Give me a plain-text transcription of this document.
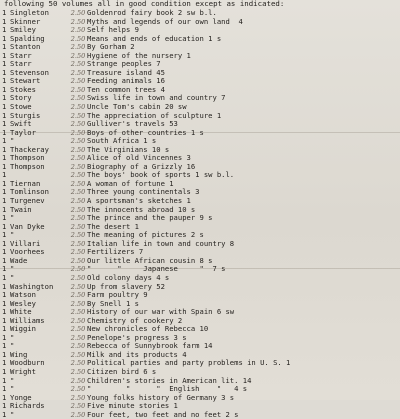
following 50 volumes all in good condition except as indicated:
1 Singleton	2.50 Goldenrod fairy book 2 sw b.l.
1 Skinner	2.50 Myths and legends of our own land  4
1 Smiley	2.50 Self helps 9
1 Spalding	2.50 Means and ends of education 1 s
1 Stanton	2.50 By Gorham 2
1 Starr	2.50 Hygiene of the nursery 1
1 Starr	2.50 Strange peoples 7
1 Stevenson	2.50 Treasure island 45
1 Stewart	2.50 Feeding animals 16
1 Stokes	2.50 Ten common trees 4
1 Story	2.50 Swiss life in town and country 7
1 Stowe	2.50 Uncle Tom's cabin 20 sw
1 Sturgis	2.50 The appreciation of sculpture 1
1 Swift	2.50 Gulliver's travels 53
1 Taylor	2.50 Boys of other countries 1 s
1 "	2.50 South Africa 1 s
1 Thackeray	2.50 The Virginians 10 s
1 Thompson	2.50 Alice of old Vincennes 3
1 Thompson	2.50 Biography of a Grizzly 16
1	2.50 The boys' book of sports 1 sw b.l.
1 Tiernan	2.50 A woman of fortune 1
1 Tomlinson	2.50 Three young continentals 3
1 Turgenev	2.50 A sportsman's sketches 1
1 Twain	2.50 The innocents abroad 10 s
1 "	2.50 The prince and the pauper 9 s
1 Van Dyke	2.50 The desert 1
1 "	2.50 The meaning of pictures 2 s
1 Villari	2.50 Italian life in town and country 8
1 Voorhees	2.50 Fertilizers 7
1 Wade	2.50 Our little African cousin 8 s
1 "	2.50 "      "     Japanese     "  7 s
1 "	2.50 Old colony days 4 s
1 Washington	2.50 Up from slavery 52
1 Watson	2.50 Farm poultry 9
1 Wesley	2.50 By Snell 1 s
1 White	2.50 History of our war with Spain 6 sw
1 Williams	2.50 Chemistry of cookery 2
1 Wiggin	2.50 New chronicles of Rebecca 10
1 "	2.50 Penelope's progress 3 s
1 "	2.50 Rebecca of Sunnybrook farm 14
1 Wing	2.50 Milk and its products 4
1 Woodburn	2.50 Political parties and party problems in U. S. 1
1 Wright	2.50 Citizen bird 6 s
1 "	2.50 Children's stories in American lit. 14
1 "	2.50 "        "      "  English    "   4 s
1 Yonge	2.50 Young folks history of Germany 3 s
1 Richards	2.50 Five minute stories 1
1 "	2.50 Four feet, two feet and no feet 2 s
